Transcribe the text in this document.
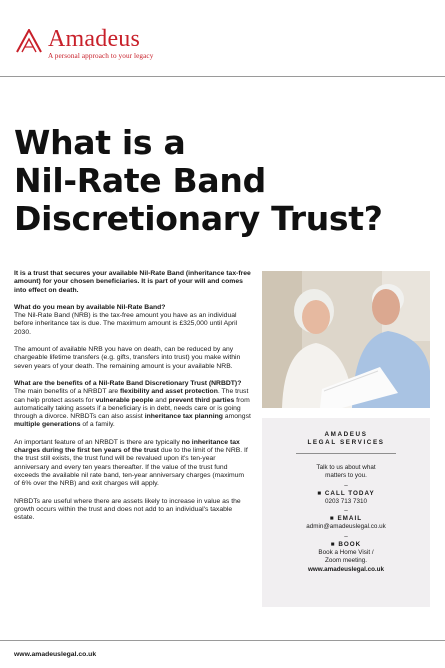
Amadeus
A personal approach to your legacy
What is a
Nil-Rate Band
Discretionary Trust?

It is a trust that secures your available Nil-Rate Band (inheritance tax-free amount) for your chosen beneficiaries. It is part of your will and comes into effect on death.

What do you mean by available Nil-Rate Band?
The Nil-Rate Band (NRB) is the tax-free amount you have as an individual before inheritance tax is due. The maximum amount is £325,000 until April 2030.

The amount of available NRB you have on death, can be reduced by any chargeable lifetime transfers (e.g. gifts, transfers into trust) you make within seven years of your death. The remaining amount is your available NRB.

What are the benefits of a Nil-Rate Band Discretionary Trust (NRBDT)?
The main benefits of a NRBDT are flexibility and asset protection. The trust can help protect assets for vulnerable people and prevent third parties from automatically taking assets if a beneficiary is in debt, needs care or is going through a divorce. NRBDTs can also assist inheritance tax planning amongst multiple generations of a family.

An important feature of an NRBDT is there are typically no inheritance tax charges during the first ten years of the trust due to the limit of the NRB. If the trust still exists, the trust fund will be revalued upon it's ten-year anniversary and every ten years thereafter. If the value of the trust fund exceeds the available nil rate band, ten-year anniversary charges (maximum of 6% over the NRB) and exit charges will apply.

NRBDTs are useful where there are assets likely to increase in value as the growth occurs within the trust and does not add to an individual's taxable estate.

AMADEUS
LEGAL SERVICES
Talk to us about what
matters to you.
–
■ CALL TODAY
0203 713 7310
–
■ EMAIL
admin@amadeuslegal.co.uk
–
■ BOOK
Book a Home Visit /
Zoom meeting.
www.amadeuslegal.co.uk
www.amadeuslegal.co.uk
